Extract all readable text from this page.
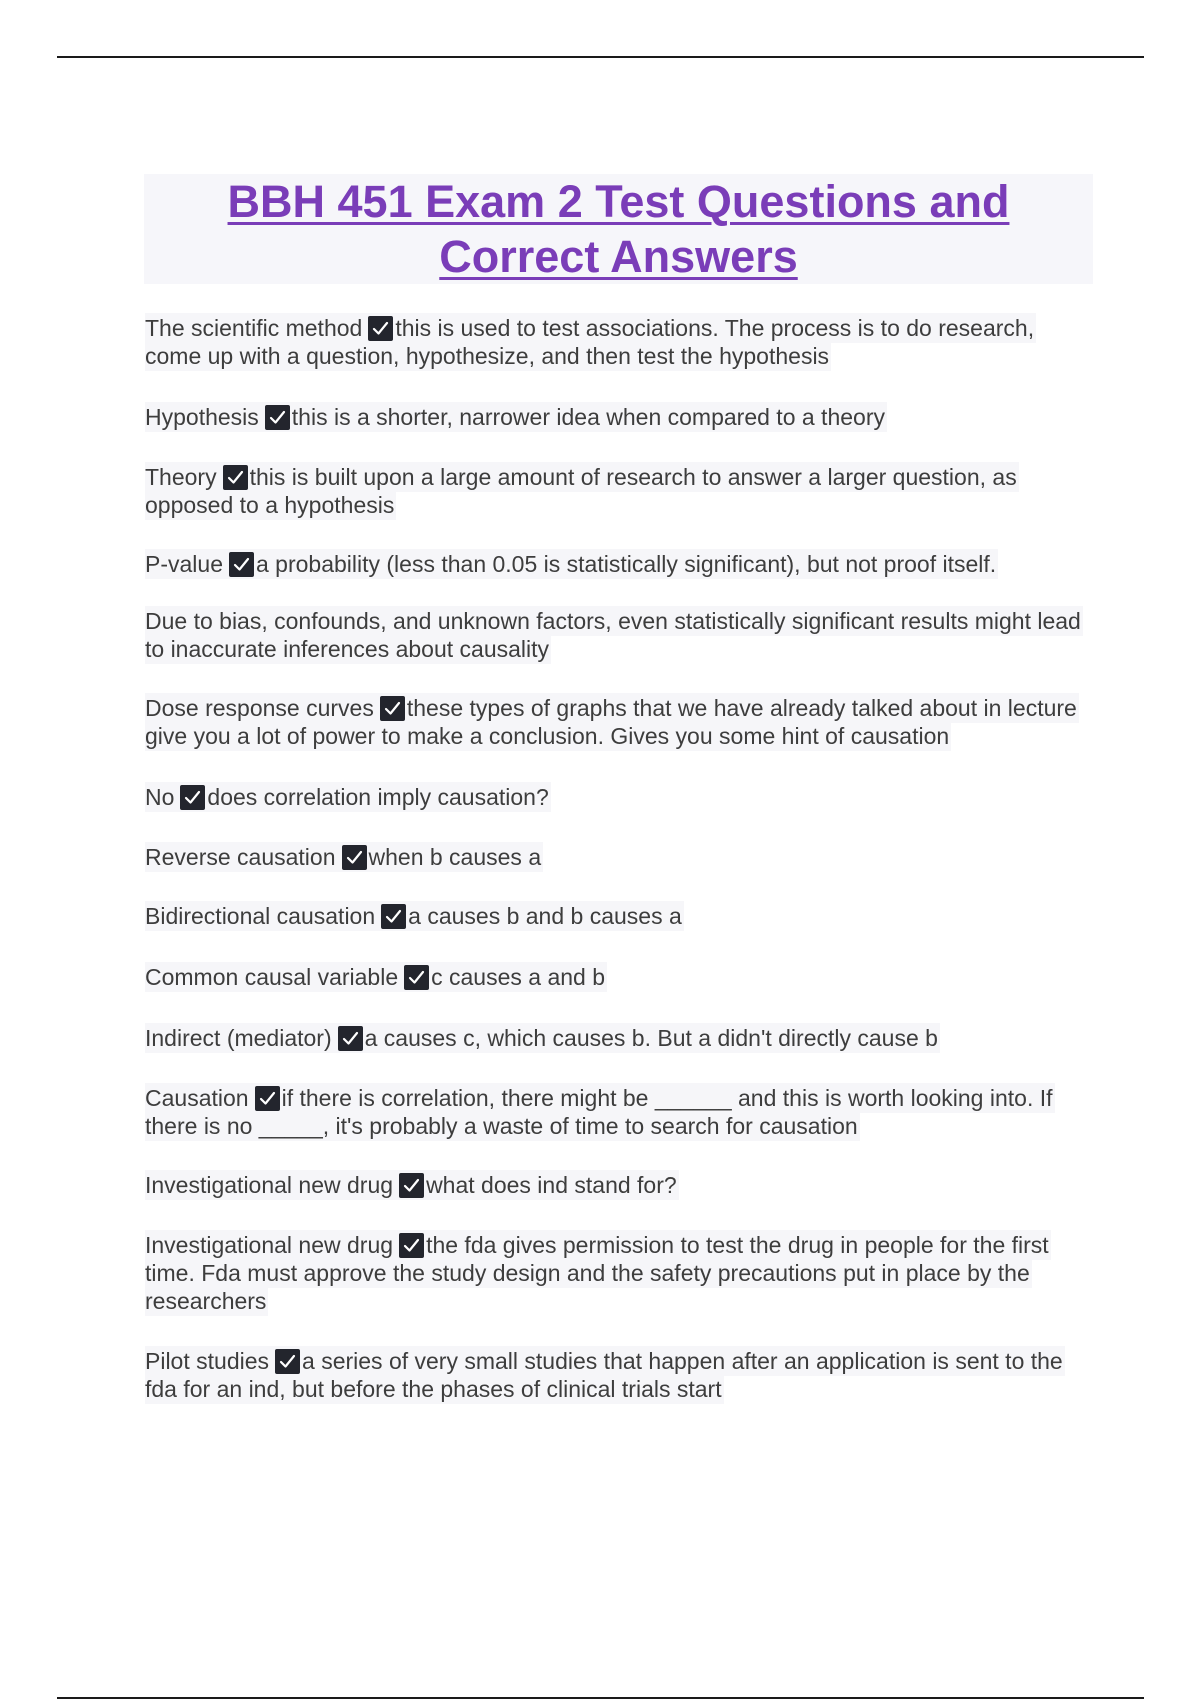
BBH 451 Exam 2 Test Questions and Correct Answers
The scientific method this is used to test associations. The process is to do research, come up with a question, hypothesize, and then test the hypothesis
Hypothesis this is a shorter, narrower idea when compared to a theory
Theory this is built upon a large amount of research to answer a larger question, as opposed to a hypothesis
P-value a probability (less than 0.05 is statistically significant), but not proof itself.
Due to bias, confounds, and unknown factors, even statistically significant results might lead to inaccurate inferences about causality
Dose response curves these types of graphs that we have already talked about in lecture give you a lot of power to make a conclusion. Gives you some hint of causation
No does correlation imply causation?
Reverse causation when b causes a
Bidirectional causation a causes b and b causes a
Common causal variable c causes a and b
Indirect (mediator) a causes c, which causes b. But a didn't directly cause b
Causation if there is correlation, there might be ______ and this is worth looking into. If there is no _____, it's probably a waste of time to search for causation
Investigational new drug what does ind stand for?
Investigational new drug the fda gives permission to test the drug in people for the first time. Fda must approve the study design and the safety precautions put in place by the researchers
Pilot studies a series of very small studies that happen after an application is sent to the fda for an ind, but before the phases of clinical trials start
